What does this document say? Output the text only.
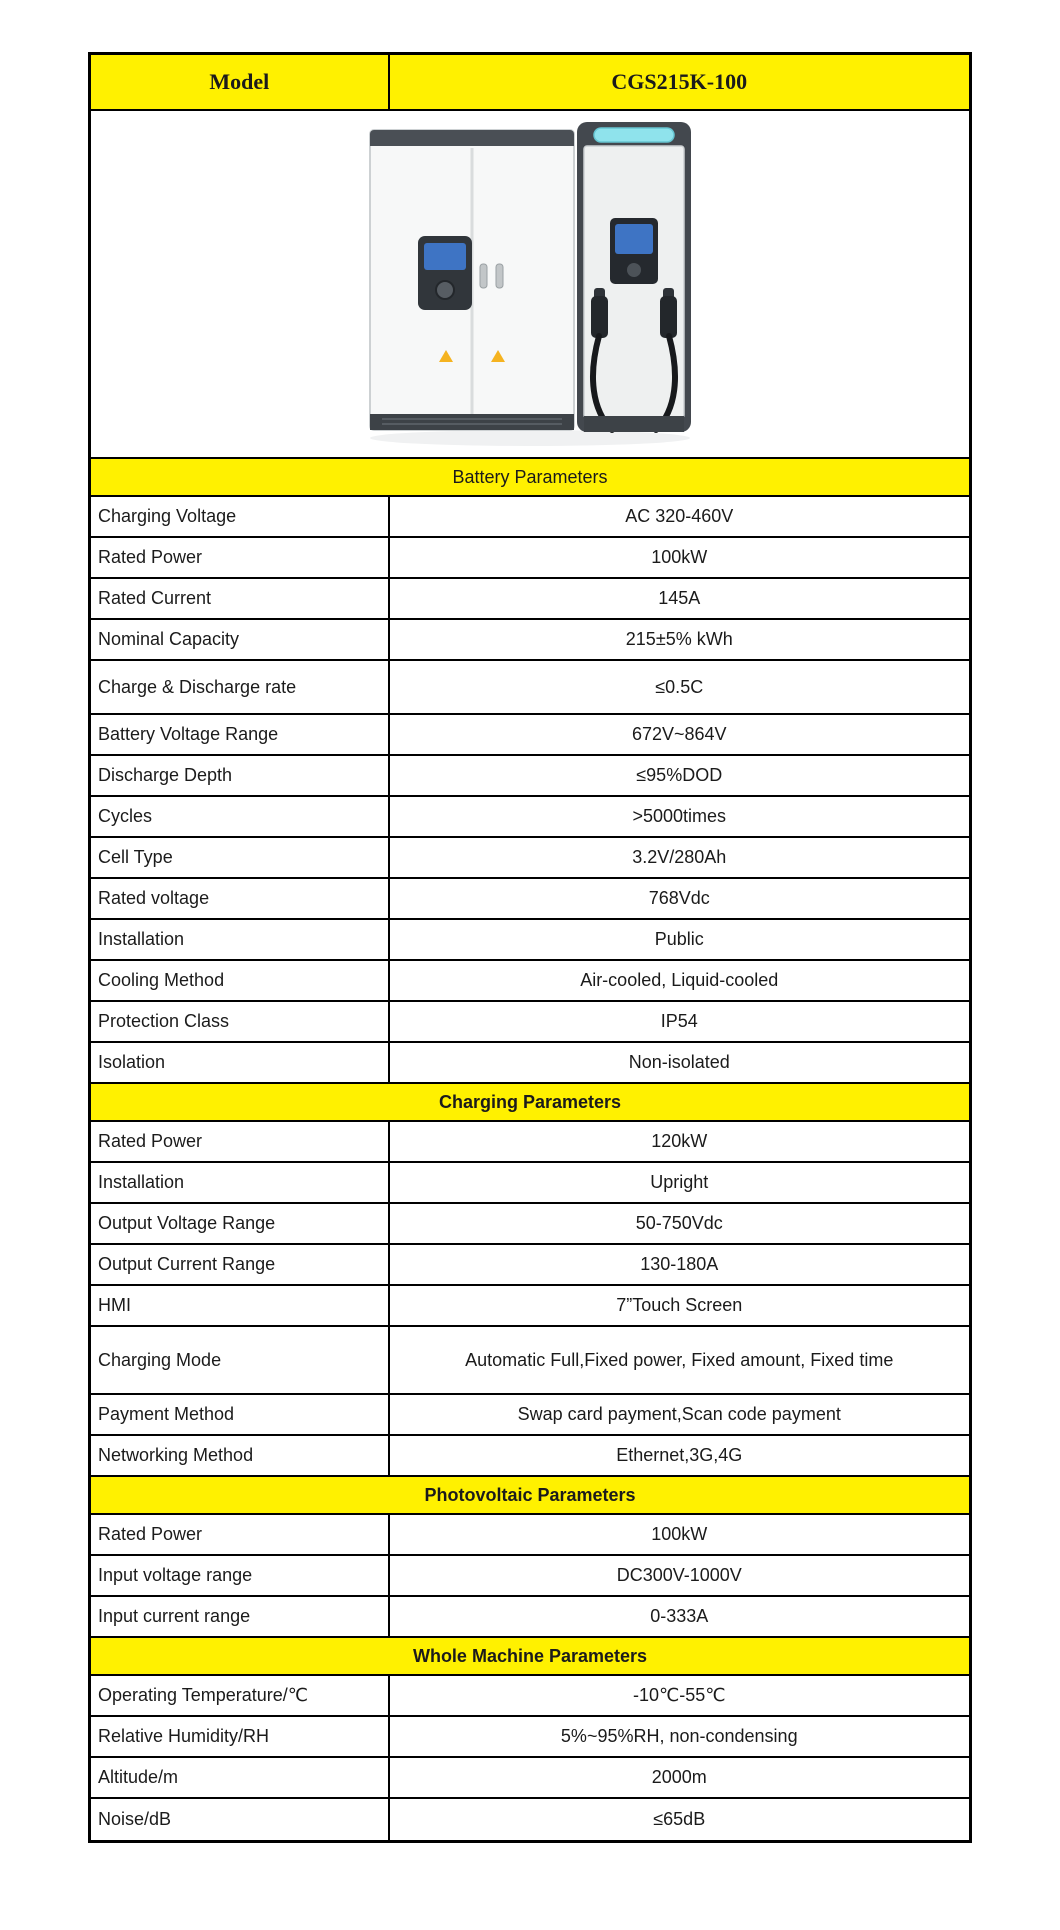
Model	CGS215K-100
Battery Parameters
Charging Voltage	AC 320-460V
Rated Power	100kW
Rated Current	145A
Nominal Capacity	215±5% kWh
Charge & Discharge rate	≤0.5C
Battery Voltage Range	672V~864V
Discharge Depth	≤95%DOD
Cycles	>5000times
Cell Type	3.2V/280Ah
Rated voltage	768Vdc
Installation	Public
Cooling Method	Air-cooled, Liquid-cooled
Protection Class	IP54
Isolation	Non-isolated
Charging Parameters
Rated Power	120kW
Installation	Upright
Output Voltage Range	50-750Vdc
Output Current Range	130-180A
HMI	7”Touch Screen
Charging Mode	Automatic Full,Fixed power, Fixed amount, Fixed time
Payment Method	Swap card payment,Scan code payment
Networking Method	Ethernet,3G,4G
Photovoltaic Parameters
Rated Power	100kW
Input voltage range	DC300V-1000V
Input current range	0-333A
Whole Machine Parameters
Operating Temperature/℃	-10℃-55℃
Relative Humidity/RH	5%~95%RH, non-condensing
Altitude/m	2000m
Noise/dB	≤65dB
